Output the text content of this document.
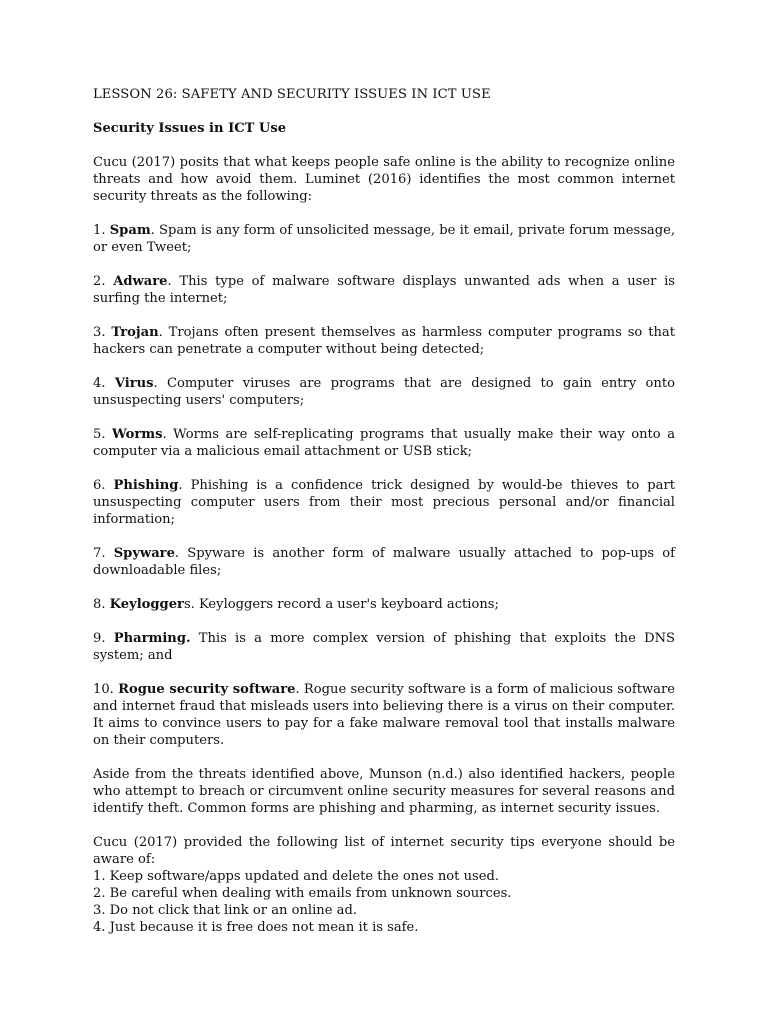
LESSON 26: SAFETY AND SECURITY ISSUES IN ICT USE
Security Issues in ICT Use

Cucu (2017) posits that what keeps people safe online is the ability to recognize online threats and how avoid them. Luminet (2016) identifies the most common internet security threats as the following:

1. Spam. Spam is any form of unsolicited message, be it email, private forum message, or even Tweet;

2. Adware. This type of malware software displays unwanted ads when a user is surfing the internet;

3. Trojan. Trojans often present themselves as harmless computer programs so that hackers can penetrate a computer without being detected;

4. Virus. Computer viruses are programs that are designed to gain entry onto unsuspecting users' computers;

5. Worms. Worms are self-replicating programs that usually make their way onto a computer via a malicious email attachment or USB stick;

6. Phishing. Phishing is a confidence trick designed by would-be thieves to part unsuspecting computer users from their most precious personal and/or financial information;

7. Spyware. Spyware is another form of malware usually attached to pop-ups of downloadable files;

8. Keyloggers. Keyloggers record a user's keyboard actions;

9. Pharming. This is a more complex version of phishing that exploits the DNS system; and

10. Rogue security software. Rogue security software is a form of malicious software and internet fraud that misleads users into believing there is a virus on their computer. It aims to convince users to pay for a fake malware removal tool that installs malware on their computers.

Aside from the threats identified above, Munson (n.d.) also identified hackers, people who attempt to breach or circumvent online security measures for several reasons and identify theft. Common forms are phishing and pharming, as internet security issues.

Cucu (2017) provided the following list of internet security tips everyone should be aware of:

1. Keep software/apps updated and delete the ones not used.
2. Be careful when dealing with emails from unknown sources.
3. Do not click that link or an online ad.
4. Just because it is free does not mean it is safe.
